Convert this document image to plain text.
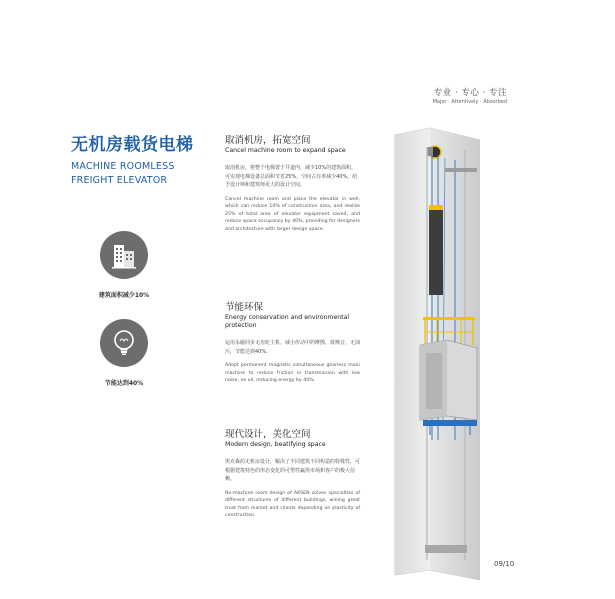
专业 · 专心 · 专注
Major · Attentively · Absorbed
无机房载货电梯
MACHINE ROOMLESS
FREIGHT ELEVATOR
建筑面积减少10%
节能达到40%
取消机房，拓宽空间
Cancel machine room to expand space
取消机房，将整个电梯置于井道内，减少10%的建筑面积，可实现电梯设备总面积节省25%，空间占有率减少40%，给予设计师和建筑师更大的设计空间。
Cancel machine room and place the elevator in well, which can reduce 10% of construction area, and realize 25% of total area of elevator equipment saved, and reduce space occupancy by 40%, providing for designers and architecture with larger design space.
节能环保
Energy conservation and environmental protection
运用永磁同步无齿轮主机，减小传动中的摩擦，低噪音，无油污，节能达到40%。
Adopt permanent magnetic simultaneous gearless main machine to reduce friction in transmission with low noise, no oil, reducing energy by 40%.
现代设计，美化空间
Modern design, beatifying space
埃克森的无机房设计，解决了不同建筑不同构造的特殊性，可根据建筑特色的形态变化的可塑性赢得市场和客户的极大信赖。
No-machine room design of AKSEN solves specialties of different structures of different buildings, wining great trust from market and clients depending on plasticity of construction.
09/10
